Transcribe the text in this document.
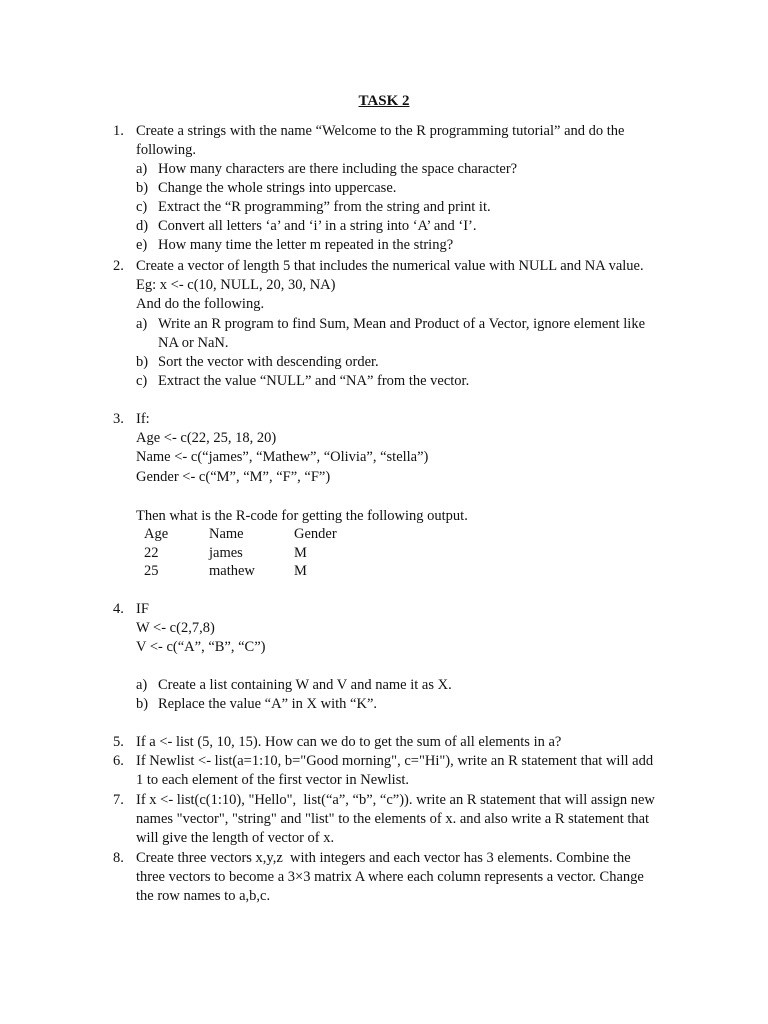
TASK 2
1. Create a strings with the name “Welcome to the R programming tutorial” and do the
following.
a) How many characters are there including the space character?
b) Change the whole strings into uppercase.
c) Extract the “R programming” from the string and print it.
d) Convert all letters ‘a’ and ‘i’ in a string into ‘A’ and ‘I’.
e) How many time the letter m repeated in the string?
2. Create a vector of length 5 that includes the numerical value with NULL and NA value.
Eg: x <- c(10, NULL, 20, 30, NA)
And do the following.
a) Write an R program to find Sum, Mean and Product of a Vector, ignore element like
NA or NaN.
b) Sort the vector with descending order.
c) Extract the value “NULL” and “NA” from the vector.
3. If:
Age <- c(22, 25, 18, 20)
Name <- c(“james”, “Mathew”, “Olivia”, “stella”)
Gender <- c(“M”, “M”, “F”, “F”)
Then what is the R-code for getting the following output.
Age	Name	Gender
22	james	M
25	mathew	M
4. IF
W <- c(2,7,8)
V <- c(“A”, “B”, “C”)
a) Create a list containing W and V and name it as X.
b) Replace the value “A” in X with “K”.
5. If a <- list (5, 10, 15). How can we do to get the sum of all elements in a?
6. If Newlist <- list(a=1:10, b="Good morning", c="Hi"), write an R statement that will add
1 to each element of the first vector in Newlist.
7. If x <- list(c(1:10), "Hello",  list(“a”, “b”, “c”)). write an R statement that will assign new
names "vector", "string" and "list" to the elements of x. and also write a R statement that
will give the length of vector of x.
8. Create three vectors x,y,z  with integers and each vector has 3 elements. Combine the
three vectors to become a 3×3 matrix A where each column represents a vector. Change
the row names to a,b,c.
